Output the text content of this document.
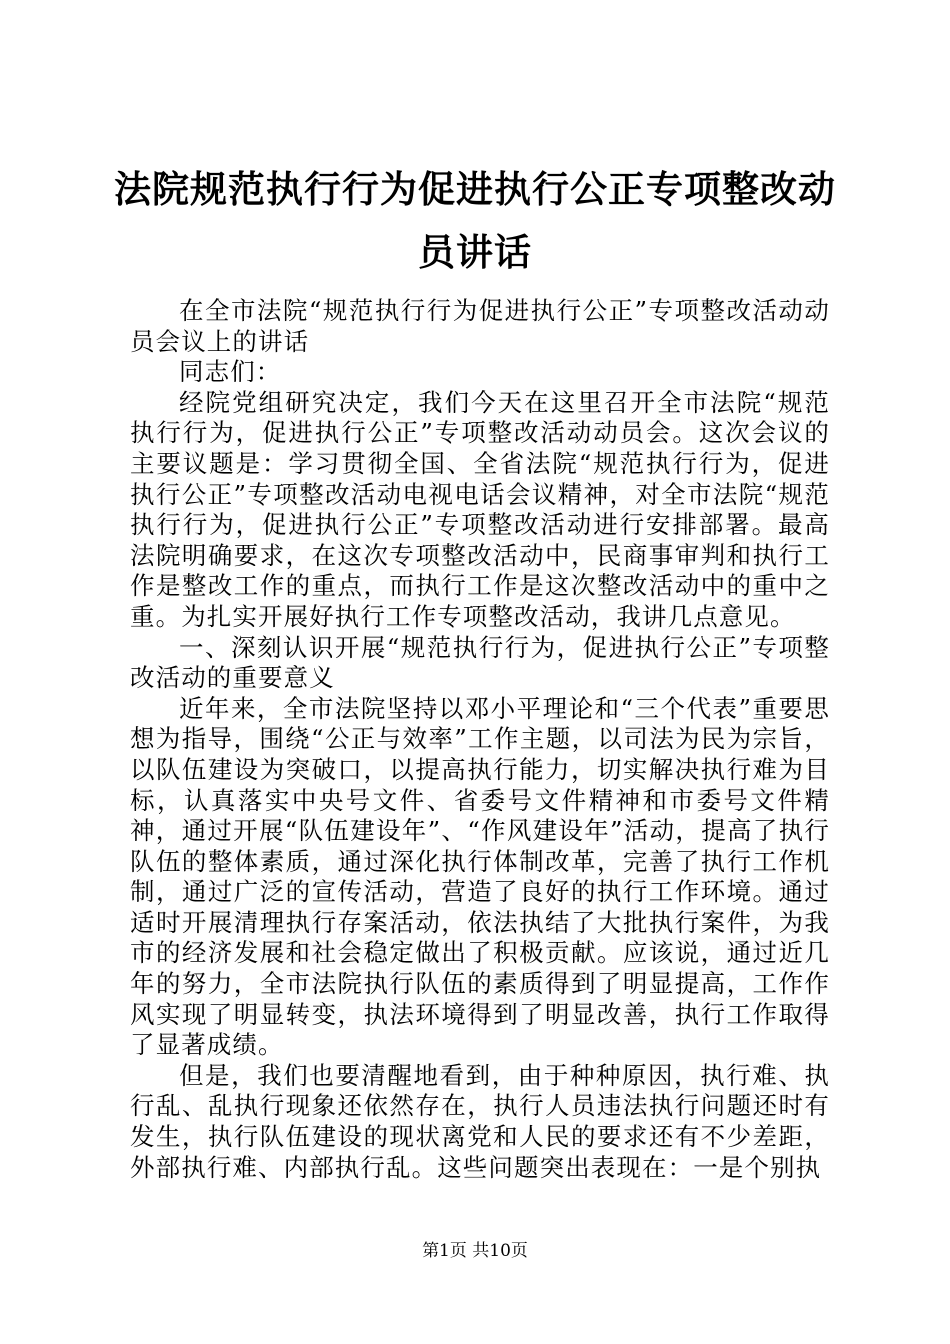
法院规范执行行为促进执行公正专项整改动员讲话

在全市法院“规范执行行为促进执行公正”专项整改活动动员会议上的讲话

同志们：

经院党组研究决定，我们今天在这里召开全市法院“规范执行行为，促进执行公正”专项整改活动动员会。这次会议的主要议题是：学习贯彻全国、全省法院“规范执行行为，促进执行公正”专项整改活动电视电话会议精神，对全市法院“规范执行行为，促进执行公正”专项整改活动进行安排部署。最高法院明确要求，在这次专项整改活动中，民商事审判和执行工作是整改工作的重点，而执行工作是这次整改活动中的重中之重。为扎实开展好执行工作专项整改活动，我讲几点意见。

一、深刻认识开展“规范执行行为，促进执行公正”专项整改活动的重要意义

近年来，全市法院坚持以邓小平理论和“三个代表”重要思想为指导，围绕“公正与效率”工作主题，以司法为民为宗旨，以队伍建设为突破口，以提高执行能力，切实解决执行难为目标，认真落实中央号文件、省委号文件精神和市委号文件精神，通过开展“队伍建设年”、“作风建设年”活动，提高了执行队伍的整体素质，通过深化执行体制改革，完善了执行工作机制，通过广泛的宣传活动，营造了良好的执行工作环境。通过适时开展清理执行存案活动，依法执结了大批执行案件，为我市的经济发展和社会稳定做出了积极贡献。应该说，通过近几年的努力，全市法院执行队伍的素质得到了明显提高，工作作风实现了明显转变，执法环境得到了明显改善，执行工作取得了显著成绩。

但是，我们也要清醒地看到，由于种种原因，执行难、执行乱、乱执行现象还依然存在，执行人员违法执行问题还时有发生，执行队伍建设的现状离党和人民的要求还有不少差距，外部执行难、内部执行乱。这些问题突出表现在：一是个别执

第1页 共10页
